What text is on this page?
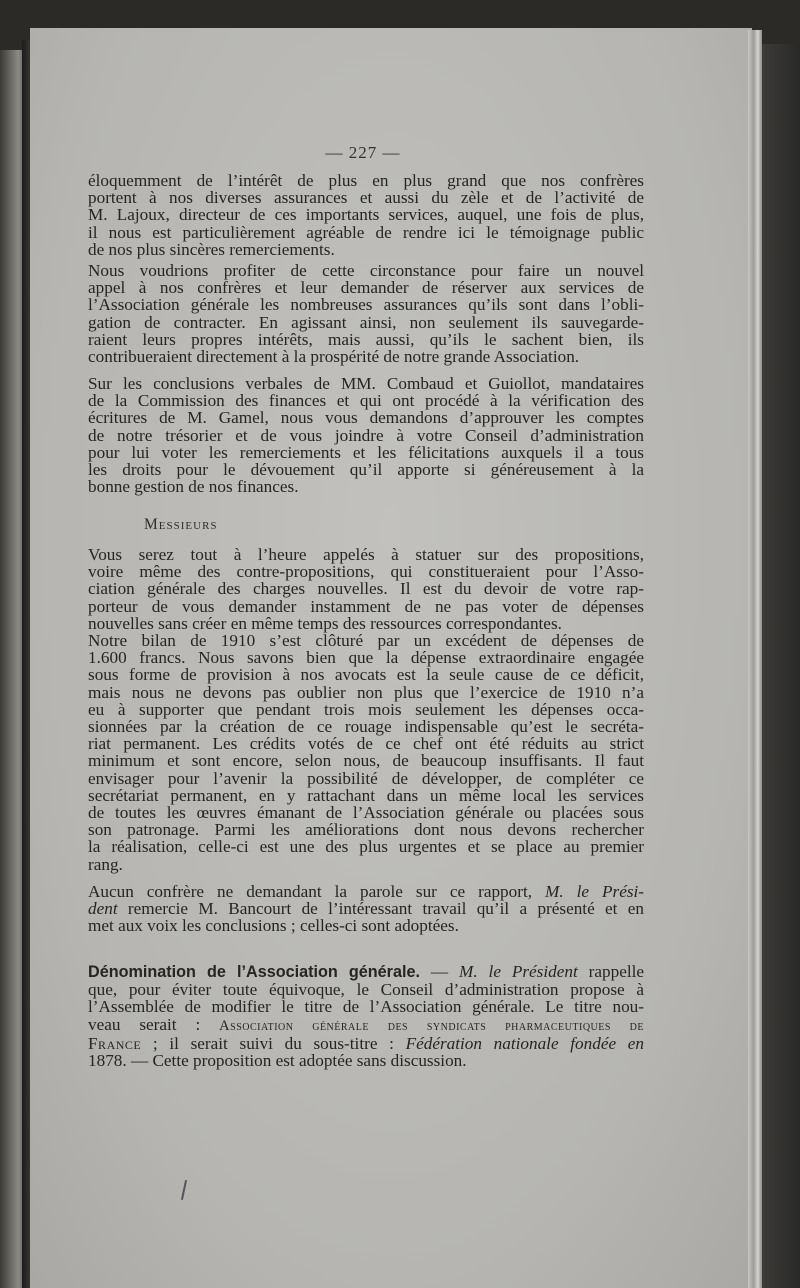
— 227 —

éloquemment de l’intérêt de plus en plus grand que nos confrères
portent à nos diverses assurances et aussi du zèle et de l’activité de
M. Lajoux, directeur de ces importants services, auquel, une fois de plus,
il nous est particulièrement agréable de rendre ici le témoignage public
de nos plus sincères remerciements.

Nous voudrions profiter de cette circonstance pour faire un nouvel
appel à nos confrères et leur demander de réserver aux services de
l’Association générale les nombreuses assurances qu’ils sont dans l’obli-
gation de contracter. En agissant ainsi, non seulement ils sauvegarde-
raient leurs propres intérêts, mais aussi, qu’ils le sachent bien, ils
contribueraient directement à la prospérité de notre grande Association.

Sur les conclusions verbales de MM. Combaud et Guiollot, mandataires
de la Commission des finances et qui ont procédé à la vérification des
écritures de M. Gamel, nous vous demandons d’approuver les comptes
de notre trésorier et de vous joindre à votre Conseil d’administration
pour lui voter les remerciements et les félicitations auxquels il a tous
les droits pour le dévouement qu’il apporte si généreusement à la
bonne gestion de nos finances.

Messieurs

Vous serez tout à l’heure appelés à statuer sur des propositions,
voire même des contre-propositions, qui constitueraient pour l’Asso-
ciation générale des charges nouvelles. Il est du devoir de votre rap-
porteur de vous demander instamment de ne pas voter de dépenses
nouvelles sans créer en même temps des ressources correspondantes.

Notre bilan de 1910 s’est clôturé par un excédent de dépenses de
1.600 francs. Nous savons bien que la dépense extraordinaire engagée
sous forme de provision à nos avocats est la seule cause de ce déficit,
mais nous ne devons pas oublier non plus que l’exercice de 1910 n’a
eu à supporter que pendant trois mois seulement les dépenses occa-
sionnées par la création de ce rouage indispensable qu’est le secréta-
riat permanent. Les crédits votés de ce chef ont été réduits au strict
minimum et sont encore, selon nous, de beaucoup insuffisants. Il faut
envisager pour l’avenir la possibilité de développer, de compléter ce
secrétariat permanent, en y rattachant dans un même local les services
de toutes les œuvres émanant de l’Association générale ou placées sous
son patronage. Parmi les améliorations dont nous devons rechercher
la réalisation, celle-ci est une des plus urgentes et se place au premier
rang.

Aucun confrère ne demandant la parole sur ce rapport, M. le Prési-
dent remercie M. Bancourt de l’intéressant travail qu’il a présenté et en
met aux voix les conclusions ; celles-ci sont adoptées.

Dénomination de l’Association générale. — M. le Président rappelle
que, pour éviter toute équivoque, le Conseil d’administration propose à
l’Assemblée de modifier le titre de l’Association générale. Le titre nou-
veau serait : Association générale des syndicats pharmaceutiques de
France ; il serait suivi du sous-titre : Fédération nationale fondée en
1878. — Cette proposition est adoptée sans discussion.
